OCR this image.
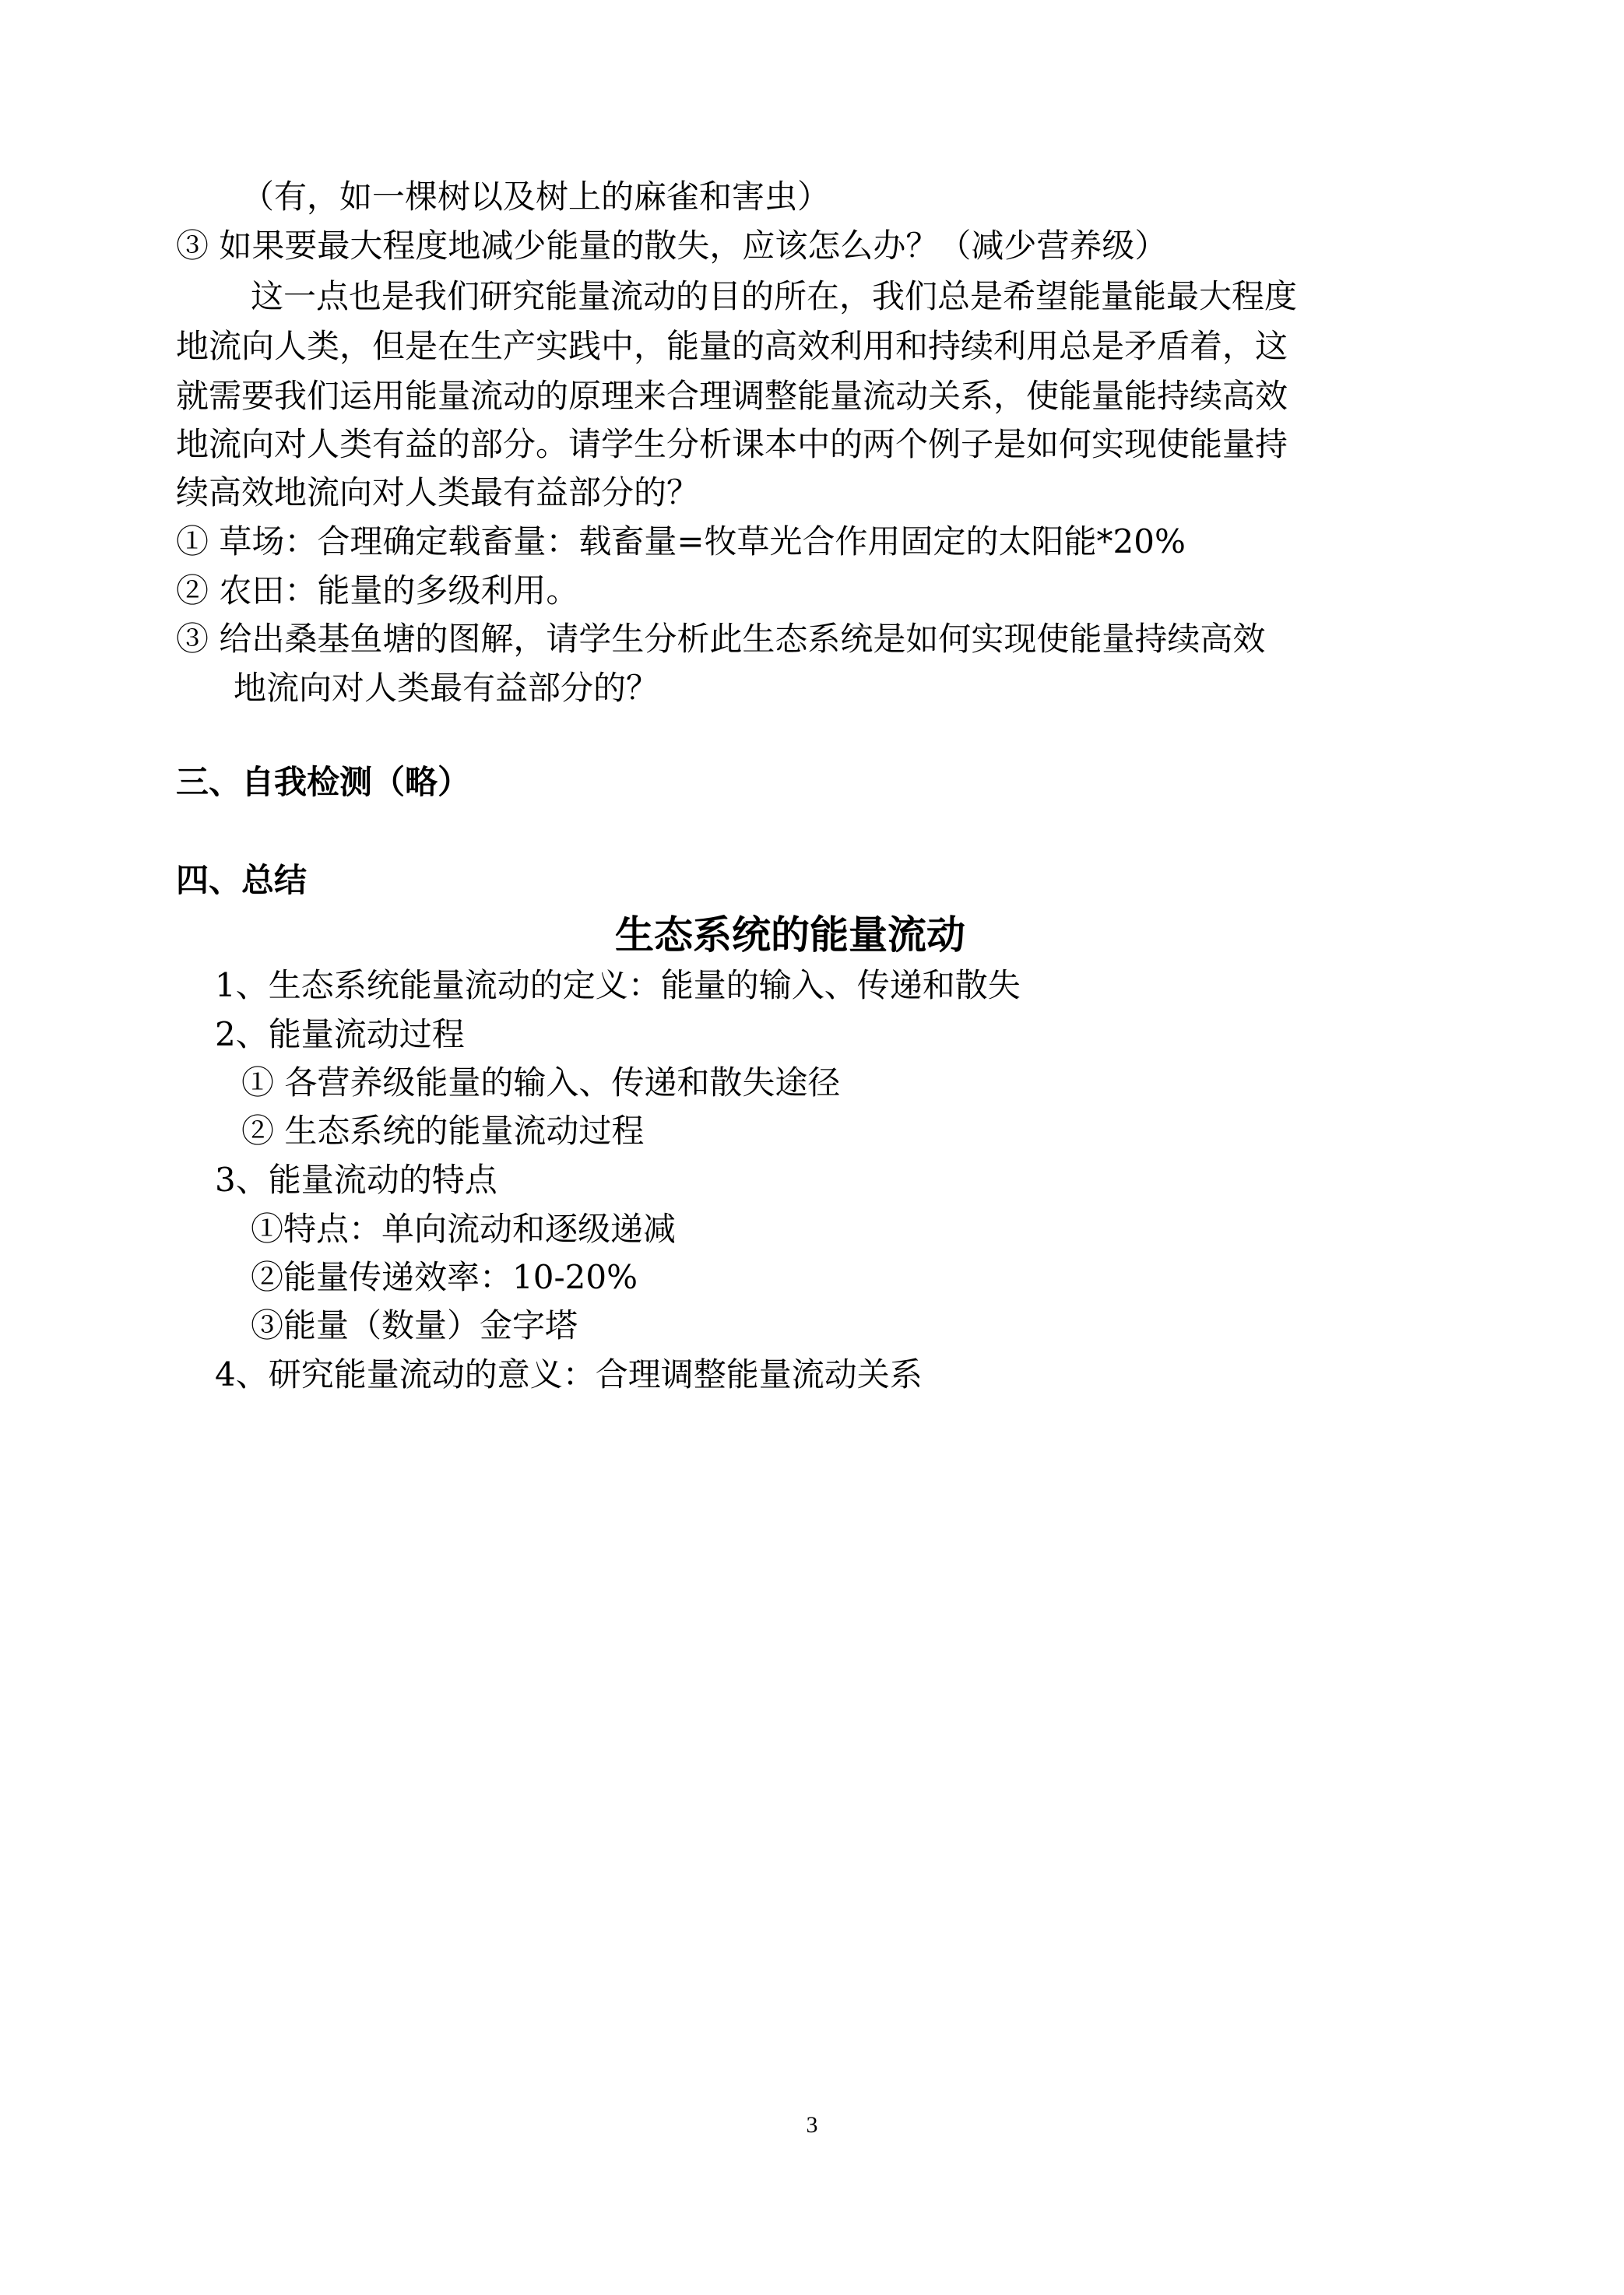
（有，如一棵树以及树上的麻雀和害虫）
③ 如果要最大程度地减少能量的散失，应该怎么办？（减少营养级）
这一点也是我们研究能量流动的目的所在，我们总是希望能量能最大程度
地流向人类，但是在生产实践中，能量的高效利用和持续利用总是矛盾着，这
就需要我们运用能量流动的原理来合理调整能量流动关系，使能量能持续高效
地流向对人类有益的部分。请学生分析课本中的两个例子是如何实现使能量持
续高效地流向对人类最有益部分的？
① 草场：合理确定载畜量：载畜量=牧草光合作用固定的太阳能*20%
② 农田：能量的多级利用。
③ 给出桑基鱼塘的图解，请学生分析此生态系统是如何实现使能量持续高效
地流向对人类最有益部分的？
三、自我检测（略）
四、总结
生态系统的能量流动
1、生态系统能量流动的定义：能量的输入、传递和散失
2、能量流动过程
① 各营养级能量的输入、传递和散失途径
② 生态系统的能量流动过程
3、能量流动的特点
①特点：单向流动和逐级递减
②能量传递效率：10-20%
③能量（数量）金字塔
4、研究能量流动的意义：合理调整能量流动关系
3
